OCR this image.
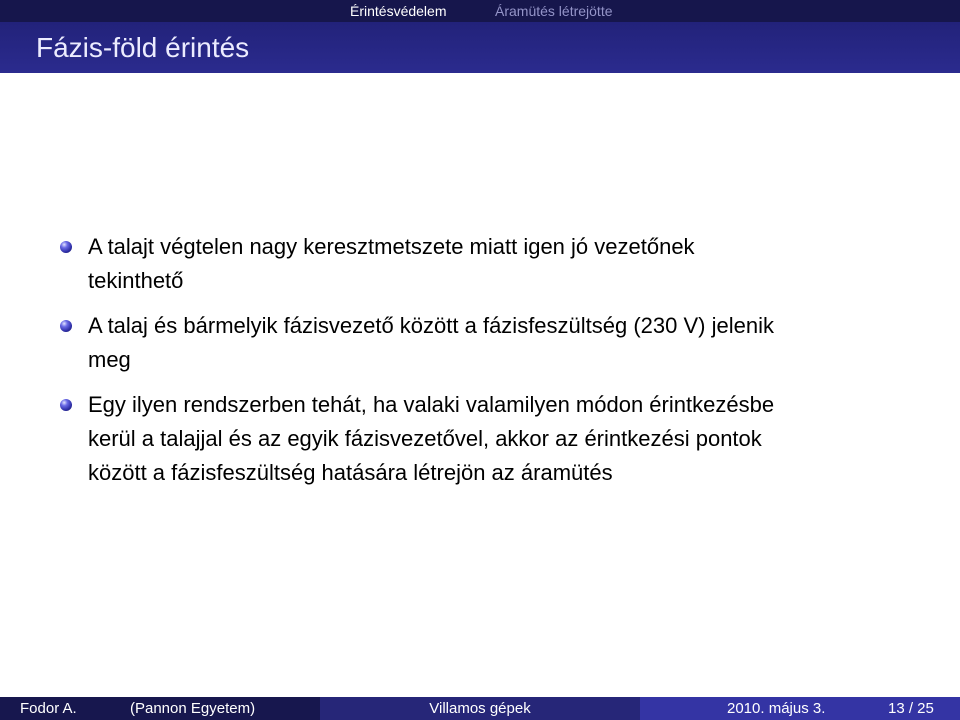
Érintésvédelem	Áramütés létrejötte
Fázis-föld érintés
A talajt végtelen nagy keresztmetszete miatt igen jó vezetőnek
tekinthető
A talaj és bármelyik fázisvezető között a fázisfeszültség (230 V) jelenik
meg
Egy ilyen rendszerben tehát, ha valaki valamilyen módon érintkezésbe
kerül a talajjal és az egyik fázisvezetővel, akkor az érintkezési pontok
között a fázisfeszültség hatására létrejön az áramütés
Fodor A.	(Pannon Egyetem)	Villamos gépek	2010. május 3.	13 / 25
